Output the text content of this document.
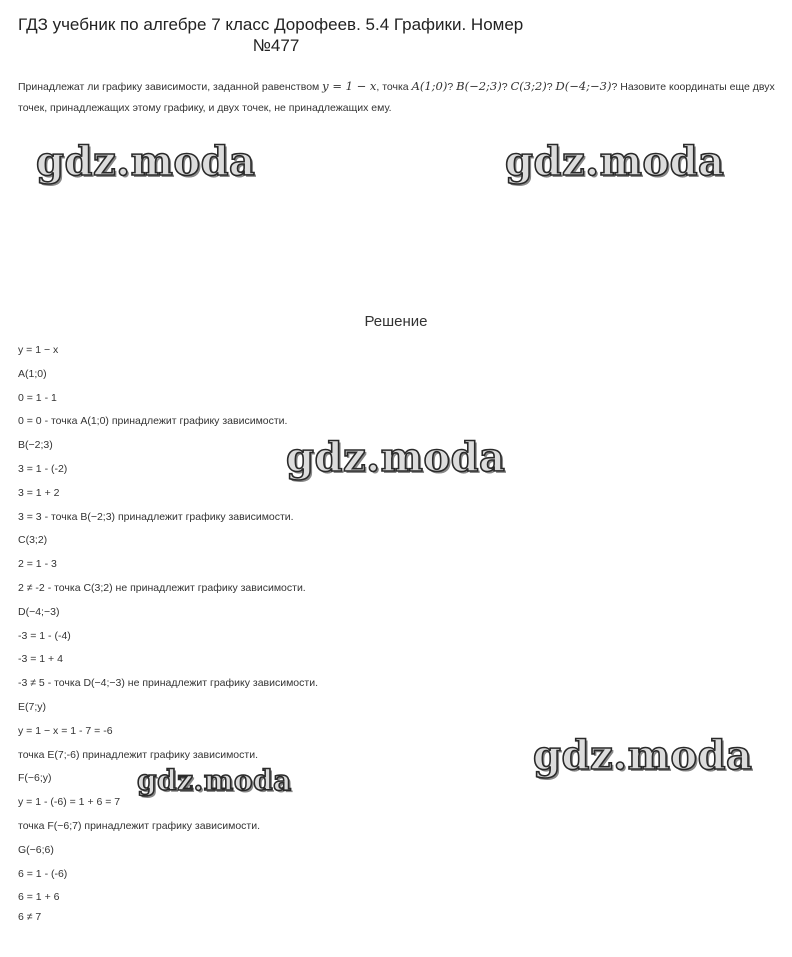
ГДЗ учебник по алгебре 7 класс Дорофеев. 5.4 Графики. Номер
№477
Принадлежат ли графику зависимости, заданной равенством y = 1 − x, точка A(1;0)? B(−2;3)? C(3;2)? D(−4;−3)? Назовите координаты еще двух точек, принадлежащих этому графику, и двух точек, не принадлежащих ему.
gdz.moda	gdz.moda
gdz.moda
gdz.moda
gdz.moda
Решение
y = 1 − x
A(1;0)
0 = 1 - 1
0 = 0 - точка A(1;0) принадлежит графику зависимости.
B(−2;3)
3 = 1 - (-2)
3 = 1 + 2
3 = 3 - точка B(−2;3) принадлежит графику зависимости.
C(3;2)
2 = 1 - 3
2 ≠ -2 - точка C(3;2) не принадлежит графику зависимости.
D(−4;−3)
-3 = 1 - (-4)
-3 = 1 + 4
-3 ≠ 5 - точка D(−4;−3) не принадлежит графику зависимости.
E(7;y)
y = 1 − x = 1 - 7 = -6
точка E(7;-6) принадлежит графику зависимости.
F(−6;y)
y = 1 - (-6) = 1 + 6 = 7
точка F(−6;7) принадлежит графику зависимости.
G(−6;6)
6 = 1 - (-6)
6 = 1 + 6
6 ≠ 7
